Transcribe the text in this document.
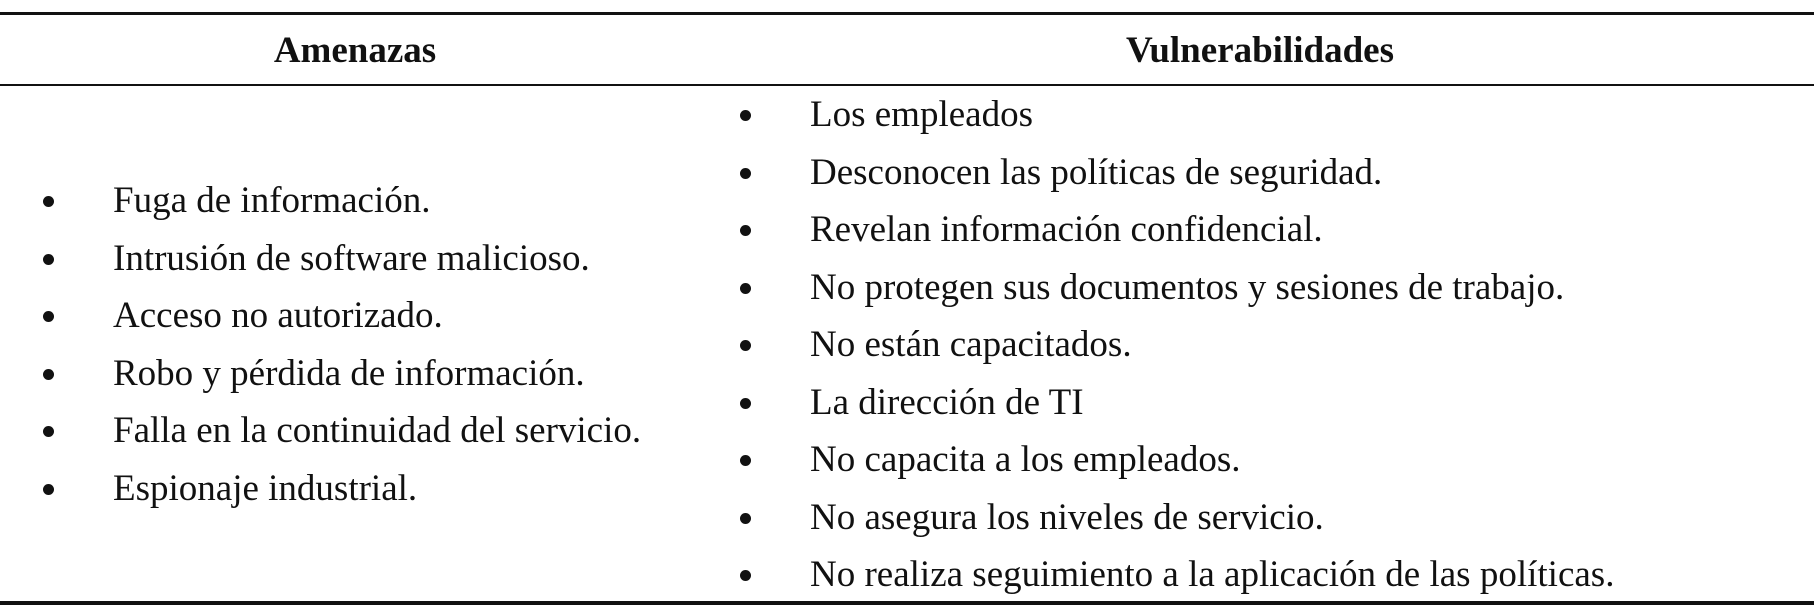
Amenazas	Vulnerabilidades
Fuga de información.
Intrusión de software malicioso.
Acceso no autorizado.
Robo y pérdida de información.
Falla en la continuidad del servicio.
Espionaje industrial.
Los empleados
Desconocen las políticas de seguridad.
Revelan información confidencial.
No protegen sus documentos y sesiones de trabajo.
No están capacitados.
La dirección de TI
No capacita a los empleados.
No asegura los niveles de servicio.
No realiza seguimiento a la aplicación de las políticas.
